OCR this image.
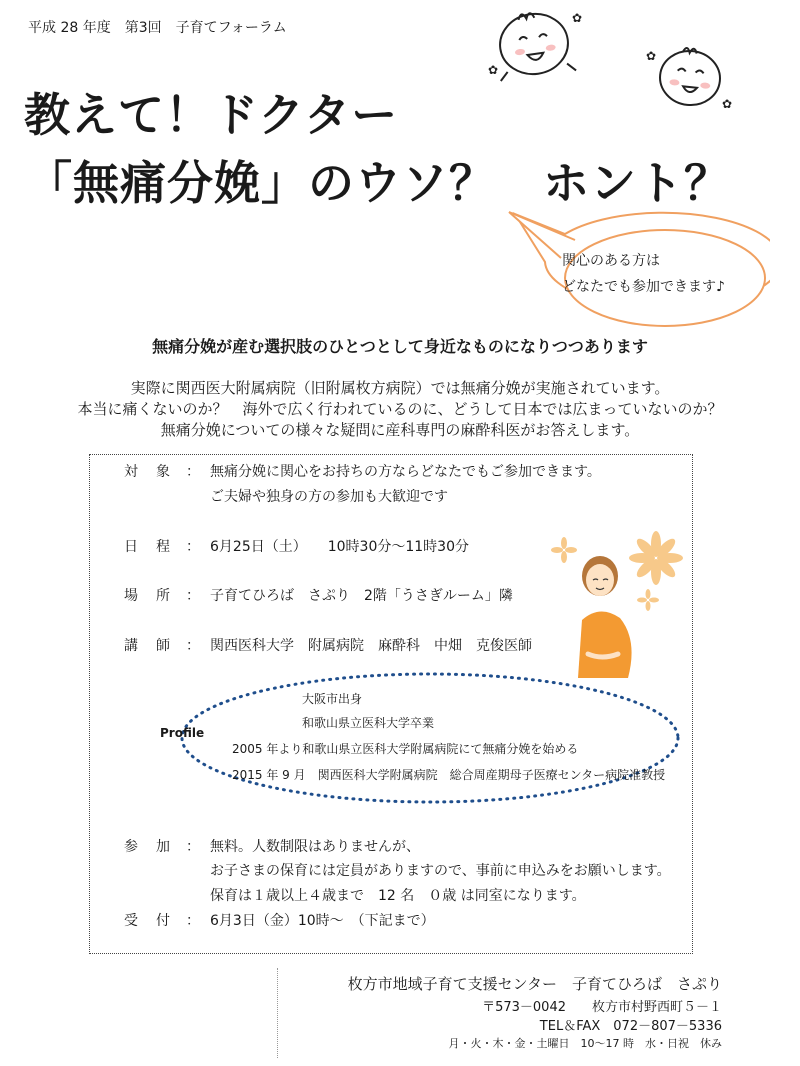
平成 28 年度　第3回　子育てフォーラム
✿
✿
✿
✿
教えて！ドクター
「無痛分娩」のウソ？　ホント？
関心のある方は
どなたでも参加できます♪
無痛分娩が産む選択肢のひとつとして身近なものになりつつあります
実際に関西医大附属病院（旧附属枚方病院）では無痛分娩が実施されています。
本当に痛くないのか？　海外で広く行われているのに、どうして日本では広まっていないのか？
無痛分娩についての様々な疑問に産科専門の麻酔科医がお答えします。
対　象 ： 無痛分娩に関心をお持ちの方ならどなたでもご参加できます。
ご夫婦や独身の方の参加も大歓迎です
日　程 ： 6月25日（土）　　10時30分～11時30分
場　所 ： 子育てひろば　さぷり　2階「うさぎルーム」隣
講　師 ： 関西医科大学　附属病院　麻酔科　中畑　克俊医師
Profile
大阪市出身
和歌山県立医科大学卒業
2005 年より和歌山県立医科大学附属病院にて無痛分娩を始める
2015 年 9 月　関西医科大学附属病院　総合周産期母子医療センター病院准教授
参　加 ： 無料。人数制限はありませんが、
お子さまの保育には定員がありますので、事前に申込みをお願いします。
保育は１歳以上４歳まで　12 名　０歳 は同室になります。
受　付 ： 6月3日（金）10時～　（下記まで）
枚方市地域子育て支援センター　子育てひろば　さぷり
〒573－0042　　枚方市村野西町５－１
TEL＆FAX　072－807－5336
月・火・木・金・土曜日　10～17 時　水・日祝　休み
